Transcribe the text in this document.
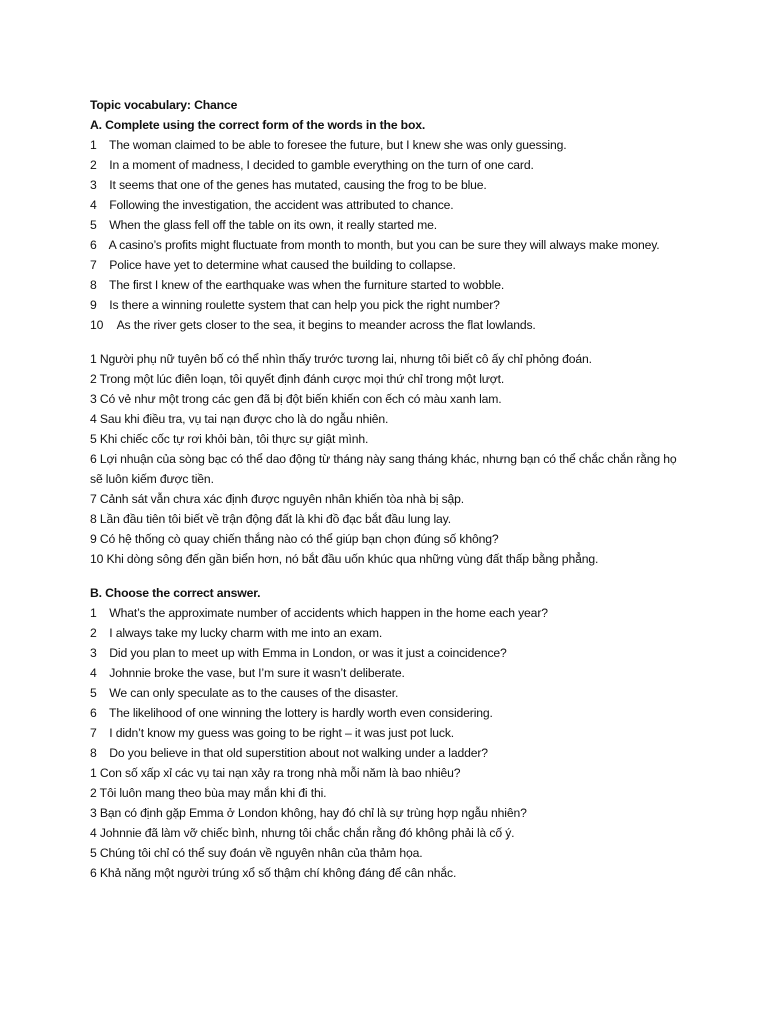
Topic vocabulary: Chance
A. Complete using the correct form of the words in the box.
1 The woman claimed to be able to foresee the future, but I knew she was only guessing.
2 In a moment of madness, I decided to gamble everything on the turn of one card.
3 It seems that one of the genes has mutated, causing the frog to be blue.
4 Following the investigation, the accident was attributed to chance.
5 When the glass fell off the table on its own, it really started me.
6 A casino’s profits might fluctuate from month to month, but you can be sure they will always make money.
7 Police have yet to determine what caused the building to collapse.
8 The first I knew of the earthquake was when the furniture started to wobble.
9 Is there a winning roulette system that can help you pick the right number?
10 As the river gets closer to the sea, it begins to meander across the flat lowlands.
1 Người phụ nữ tuyên bố có thể nhìn thấy trước tương lai, nhưng tôi biết cô ấy chỉ phỏng đoán.
2 Trong một lúc điên loạn, tôi quyết định đánh cược mọi thứ chỉ trong một lượt.
3 Có vẻ như một trong các gen đã bị đột biến khiến con ếch có màu xanh lam.
4 Sau khi điều tra, vụ tai nạn được cho là do ngẫu nhiên.
5 Khi chiếc cốc tự rơi khỏi bàn, tôi thực sự giật mình.
6 Lợi nhuận của sòng bạc có thể dao động từ tháng này sang tháng khác, nhưng bạn có thể chắc chắn rằng họ sẽ luôn kiếm được tiền.
7 Cảnh sát vẫn chưa xác định được nguyên nhân khiến tòa nhà bị sập.
8 Lần đầu tiên tôi biết về trận động đất là khi đồ đạc bắt đầu lung lay.
9 Có hệ thống cò quay chiến thắng nào có thể giúp bạn chọn đúng số không?
10 Khi dòng sông đến gần biển hơn, nó bắt đầu uốn khúc qua những vùng đất thấp bằng phẳng.
B. Choose the correct answer.
1 What’s the approximate number of accidents which happen in the home each year?
2 I always take my lucky charm with me into an exam.
3 Did you plan to meet up with Emma in London, or was it just a coincidence?
4 Johnnie broke the vase, but I’m sure it wasn’t deliberate.
5 We can only speculate as to the causes of the disaster.
6 The likelihood of one winning the lottery is hardly worth even considering.
7 I didn’t know my guess was going to be right – it was just pot luck.
8 Do you believe in that old superstition about not walking under a ladder?
1 Con số xấp xỉ các vụ tai nạn xảy ra trong nhà mỗi năm là bao nhiêu?
2 Tôi luôn mang theo bùa may mắn khi đi thi.
3 Bạn có định gặp Emma ở London không, hay đó chỉ là sự trùng hợp ngẫu nhiên?
4 Johnnie đã làm vỡ chiếc bình, nhưng tôi chắc chắn rằng đó không phải là cố ý.
5 Chúng tôi chỉ có thể suy đoán về nguyên nhân của thảm họa.
6 Khả năng một người trúng xổ số thậm chí không đáng để cân nhắc.
